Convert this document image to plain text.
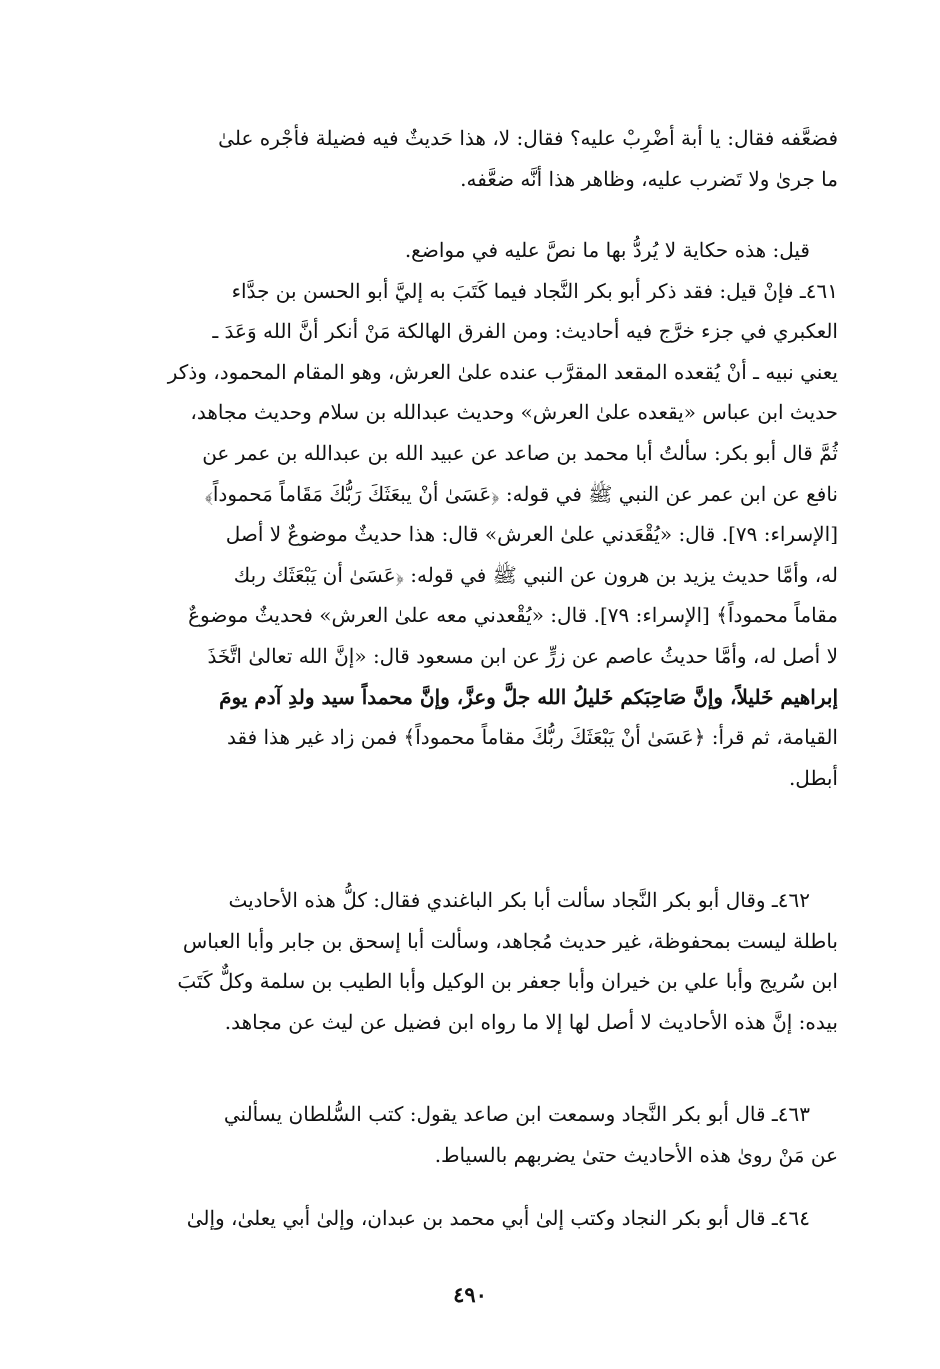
فضعَّفه فقال: يا أبة أضْرِبْ عليه؟ فقال: لا، هذا حَديثٌ فيه فضيلة فأجْره علىٰ
ما جرىٰ ولا تَضرب عليه، وظاهر هذا أنَّه ضعَّفه.
قيل: هذه حكاية لا يُردُّ بها ما نصَّ عليه في مواضع.
٤٦١ـ فإنْ قيل: فقد ذكر أبو بكر النَّجاد فيما كَتَبَ به إليَّ أبو الحسن بن جدَّاء
العكبري في جزء خرَّج فيه أحاديث: ومن الفرق الهالكة مَنْ أنكر أنَّ الله وَعَدَ ـ
يعني نبيه ـ أنْ يُقعده المقعد المقرَّب عنده علىٰ العرش، وهو المقام المحمود، وذكر
حديث ابن عباس «يقعده علىٰ العرش» وحديث عبدالله بن سلام وحديث مجاهد،
ثُمَّ قال أبو بكر: سألتُ أبا محمد بن صاعد عن عبيد الله بن عبدالله بن عمر عن
نافع عن ابن عمر عن النبي ﷺ في قوله: ﴿عَسَىٰ أنْ يبعَثَكَ رَبُّكَ مَقَاماً مَحموداً﴾
[الإسراء: ٧٩]. قال: «يُقْعَدني علىٰ العرش» قال: هذا حديثٌ موضوعٌ لا أصل
له، وأمَّا حديث يزيد بن هرون عن النبي ﷺ في قوله: ﴿عَسَىٰ أن يَبْعَثَك ربك
مقاماً محموداً﴾ [الإسراء: ٧٩]. قال: «يُقْعدني معه علىٰ العرش» فحديثٌ موضوعٌ
لا أصل له، وأمَّا حديثُ عاصم عن زرٍّ عن ابن مسعود قال: «إنَّ الله تعالىٰ اتَّخَذَ
إبراهيم خَليلاً، وإنَّ صَاحِبَكم خَليلُ الله جلَّ وعزَّ، وإنَّ محمداً سيد ولدِ آدم يومَ
القيامة، ثم قرأ: ﴿عَسَىٰ أنْ يَبْعَثَكَ ربُّكَ مقاماً محموداً﴾ فمن زاد غير هذا فقد
أبطل.
٤٦٢ـ وقال أبو بكر النَّجاد سألت أبا بكر الباغندي فقال: كلُّ هذه الأحاديث
باطلة ليست بمحفوظة، غير حديث مُجاهد، وسألت أبا إسحق بن جابر وأبا العباس
ابن سُريج وأبا علي بن خيران وأبا جعفر بن الوكيل وأبا الطيب بن سلمة وكلٌّ كَتَبَ
بيده: إنَّ هذه الأحاديث لا أصل لها إلا ما رواه ابن فضيل عن ليث عن مجاهد.
٤٦٣ـ قال أبو بكر النَّجاد وسمعت ابن صاعد يقول: كتب السُّلطان يسألني
عن مَنْ روىٰ هذه الأحاديث حتىٰ يضربهم بالسياط.
٤٦٤ـ قال أبو بكر النجاد وكتب إلىٰ أبي محمد بن عبدان، وإلىٰ أبي يعلىٰ، وإلىٰ
٤٩٠
